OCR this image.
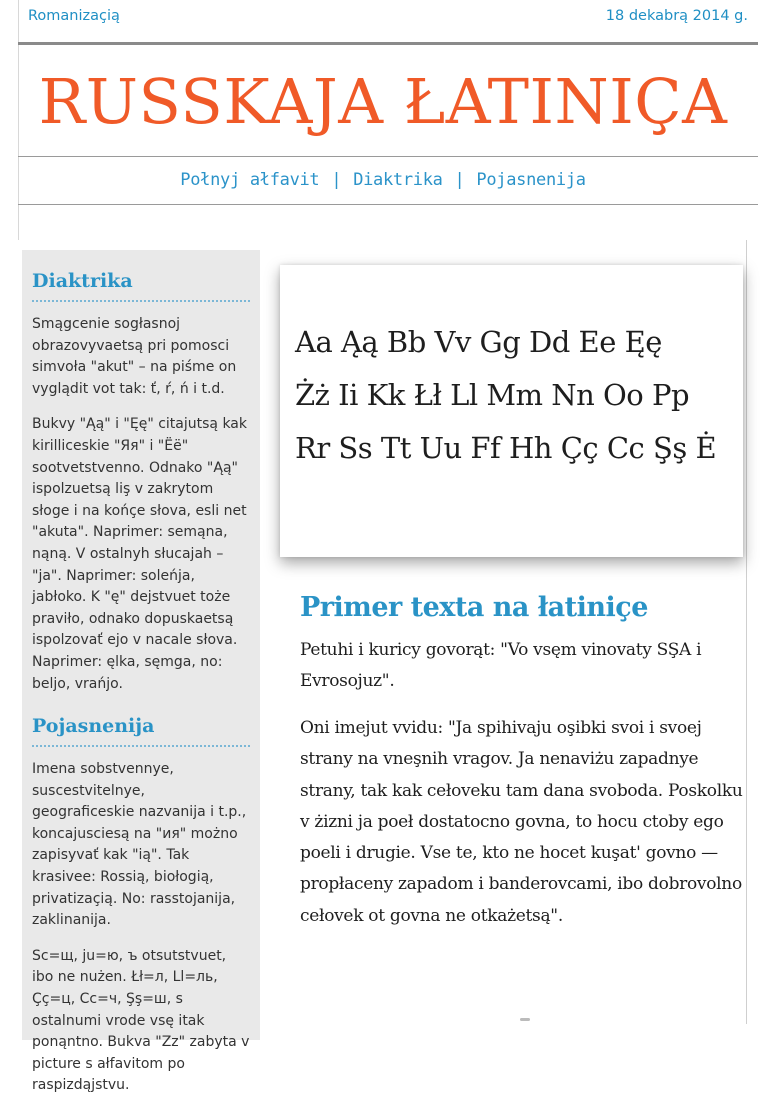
Romanizaçią	18 dekabrą 2014 g.
RUSSKAJA ŁATINIÇA
Połnyj ałfavit | Diaktrika | Pojasnenija
Diaktrika

Smągcenie sogłasnoj obrazovyvaetsą pri pomosci simvoła "akut" – na piśme on vyglądit vot tak: ť, ŕ, ń i t.d.

Bukvy "Ąą" i "Ęę" citajutsą kak kirilliceskie "Яя" i "Ëë" sootvetstvenno. Odnako "Ąą" ispolzuetsą liş v zakrytom słoge i na końçe słova, esli net "akuta". Naprimer: semąna, nąną. V ostalnyh słucajah – "ja". Naprimer: soleńja, jabłoko. K "ę" dejstvuet toże praviło, odnako dopuskaetsą ispolzovať ejo v nacale słova. Naprimer: ęlka, sęmga, no: beljo, vrańjo.

Pojasnenija

Imena sobstvennye, suscestvitelnye, geograficeskie nazvanija i t.p., koncajusciesą na "ия" możno zapisyvať kak "ią". Tak krasivee: Rossią, biołogią, privatizaçią. No: rasstojanija, zaklinanija.

Sc=щ, ju=ю, ъ otsutstvuet, ibo ne nużen. Łł=л, Ll=ль, Çç=ц, Cc=ч, Şş=ш, s ostalnumi vrode vsę itak ponąntno. Bukva "Zz" zabyta v picture s ałfavitom po raspizdąjstvu.

Aa Ąą Bb Vv Gg Dd Ee Ęę
Żż Ii Kk Łł Ll Mm Nn Oo Pp
Rr Ss Tt Uu Ff Hh Çç Cc Şş Ė
Primer texta na łatiniçe
Petuhi i kuricy govorąt: "Vo vsęm vinovaty SŞA i Evrosojuz".
Oni imejut vvidu: "Ja spihivaju oşibki svoi i svoej strany na vneşnih vragov. Ja nenaviżu zapadnye strany, tak kak cełoveku tam dana svoboda. Poskolku v żizni ja poeł dostatocno govna, to hocu ctoby ego poeli i drugie. Vse te, kto ne hocet kuşat' govno — propłaceny zapadom i banderovcami, ibo dobrovolno cełovek ot govna ne otkażetsą".
